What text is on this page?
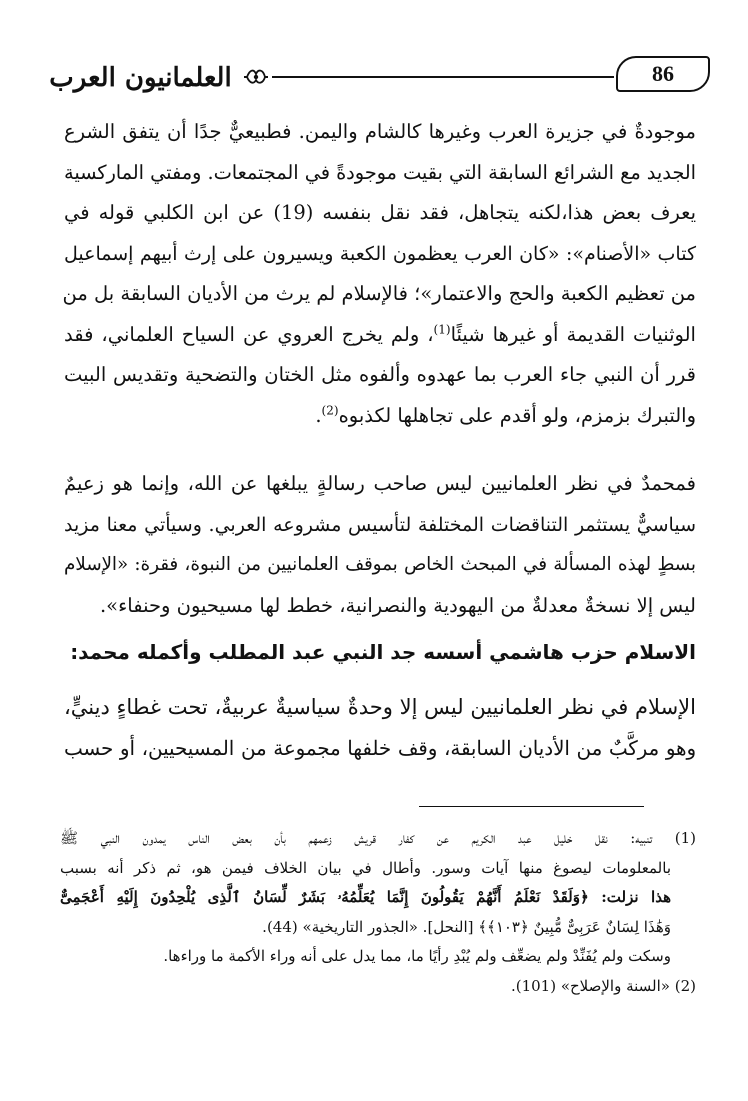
العلمانيون العرب	86
موجودةٌ في جزيرة العرب وغيرها كالشام واليمن. فطبيعيٌّ جدًا أن يتفق الشرع
الجديد مع الشرائع السابقة التي بقيت موجودةً في المجتمعات. ومفتي الماركسية
يعرف بعض هذا،لكنه يتجاهل، فقد نقل بنفسه (19) عن ابن الكلبي قوله في
كتاب «الأصنام»: «كان العرب يعظمون الكعبة ويسيرون على إرث أبيهم إسماعيل
من تعظيم الكعبة والحج والاعتمار»؛ فالإسلام لم يرث من الأديان السابقة بل من
الوثنيات القديمة أو غيرها شيئًا$^{(1)}$، ولم يخرج العروي عن السياح العلماني، فقد
قرر أن النبي جاء العرب بما عهدوه وألفوه مثل الختان والتضحية وتقديس البيت
والتبرك بزمزم، ولو أقدم على تجاهلها لكذبوه$^{(2)}$.
فمحمدٌ في نظر العلمانيين ليس صاحب رسالةٍ يبلغها عن الله، وإنما هو زعيمٌ
سياسيٌّ يستثمر التناقضات المختلفة لتأسيس مشروعه العربي. وسيأتي معنا مزيد
بسطٍ لهذه المسألة في المبحث الخاص بموقف العلمانيين من النبوة، فقرة: «الإسلام
ليس إلا نسخةٌ معدلةٌ من اليهودية والنصرانية، خطط لها مسيحيون وحنفاء».
الاسلام حزب هاشمي أسسه جد النبي عبد المطلب وأكمله محمد:
الإسلام في نظر العلمانيين ليس إلا وحدةٌ سياسيةٌ عربيةٌ، تحت غطاءٍ دينيٍّ،
وهو مركَّبٌ من الأديان السابقة، وقف خلفها مجموعة من المسيحيين، أو حسب
(1) تنبيه: نقل خليل عبد الكريم عن كفار قريش زعمهم بأن بعض الناس يمدون النبي ﷺ
بالمعلومات ليصوغ منها آيات وسور. وأطال في بيان الخلاف فيمن هو، ثم ذكر أنه بسبب
هذا نزلت: ﴿وَلَقَدْ نَعْلَمُ أَنَّهُمْ يَقُولُونَ إِنَّمَا يُعَلِّمُهُۥ بَشَرٌ لِّسَانُ ٱلَّذِى يُلْحِدُونَ إِلَيْهِ أَعْجَمِىٌّ
وَهَٰذَا لِسَانٌ عَرَبِىٌّ مُّبِينٌ ﴿١٠٣﴾﴾ [النحل]. «الجذور التاريخية» (44).
وسكت ولم يُفَنِّدْ ولم يضعِّف ولم يُبْدِ رأيًا ما، مما يدل على أنه وراء الأكمة ما وراءها.
(2) «السنة والإصلاح» (101).
